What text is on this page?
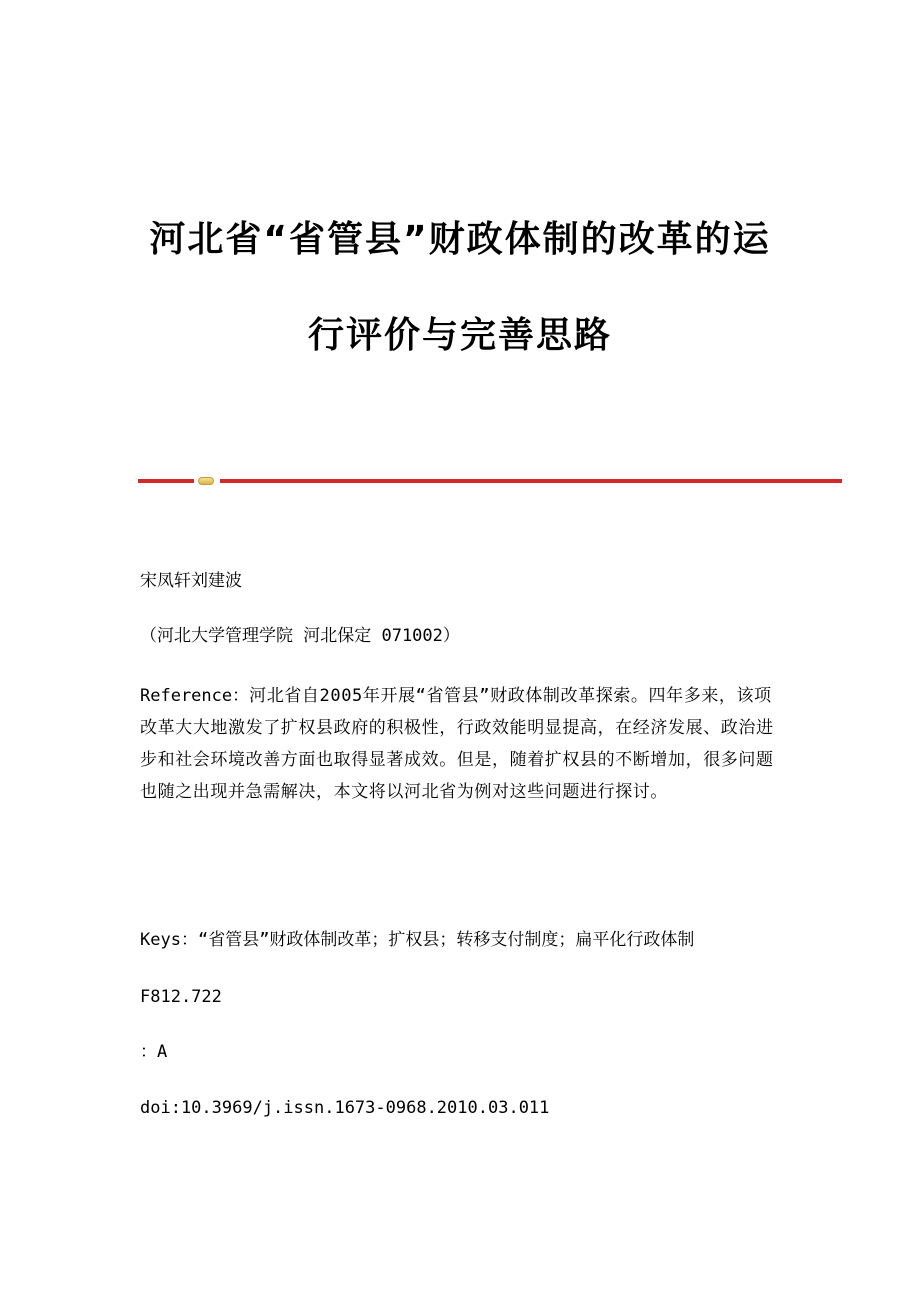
河北省“省管县”财政体制的改革的运
行评价与完善思路

宋凤轩刘建波

（河北大学管理学院 河北保定 071002）

Reference：河北省自2005年开展“省管县”财政体制改革探索。四年多来，该项改革大大地激发了扩权县政府的积极性，行政效能明显提高，在经济发展、政治进步和社会环境改善方面也取得显著成效。但是，随着扩权县的不断增加，很多问题也随之出现并急需解决，本文将以河北省为例对这些问题进行探讨。

Keys：“省管县”财政体制改革；扩权县；转移支付制度；扁平化行政体制

F812.722

：A

doi:10.3969/j.issn.1673-0968.2010.03.011
